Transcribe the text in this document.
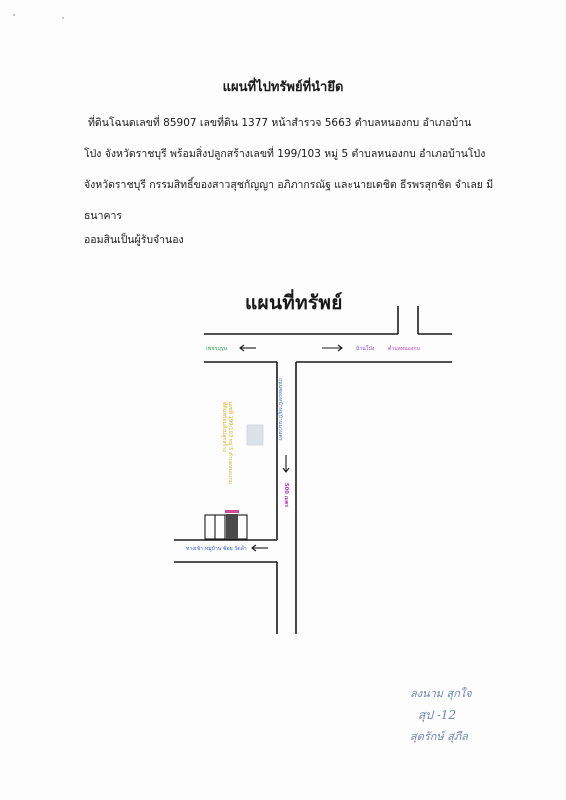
แผนที่ไปทรัพย์ที่นำยึด
ที่ดินโฉนดเลขที่ 85907 เลขที่ดิน 1377 หน้าสำรวจ 5663 ตำบลหนองกบ อำเภอบ้าน
โป่ง จังหวัดราชบุรี พร้อมสิ่งปลูกสร้างเลขที่ 199/103 หมู่ 5 ตำบลหนองกบ อำเภอบ้านโป่ง
จังหวัดราชบุรี กรรมสิทธิ์ของสาวสุชกัญญา อภิภากรณัฐ และนายเดชิต ธีรพรสุกชิต จำเลย มี
ธนาคาร
ออมสินเป็นผู้รับจำนอง
แผนที่ทรัพย์
เพชรบุรุษ	บ้านโป่ง	ตำบลหนองกบ
ถนนซอยหน้าหมู่บ้านนวนคร
500 เมตร
ที่ดินพร้อมสิ่งปลูกสร้าง เลขที่ 199/103 หมู่ 5 ตำบลหนองกบ
ทางเข้า หมู่บ้าน ซ้อย วัดลำ
ลงนาม สุกใจ
สุป -12
สุดรักษ์ สุภีล
